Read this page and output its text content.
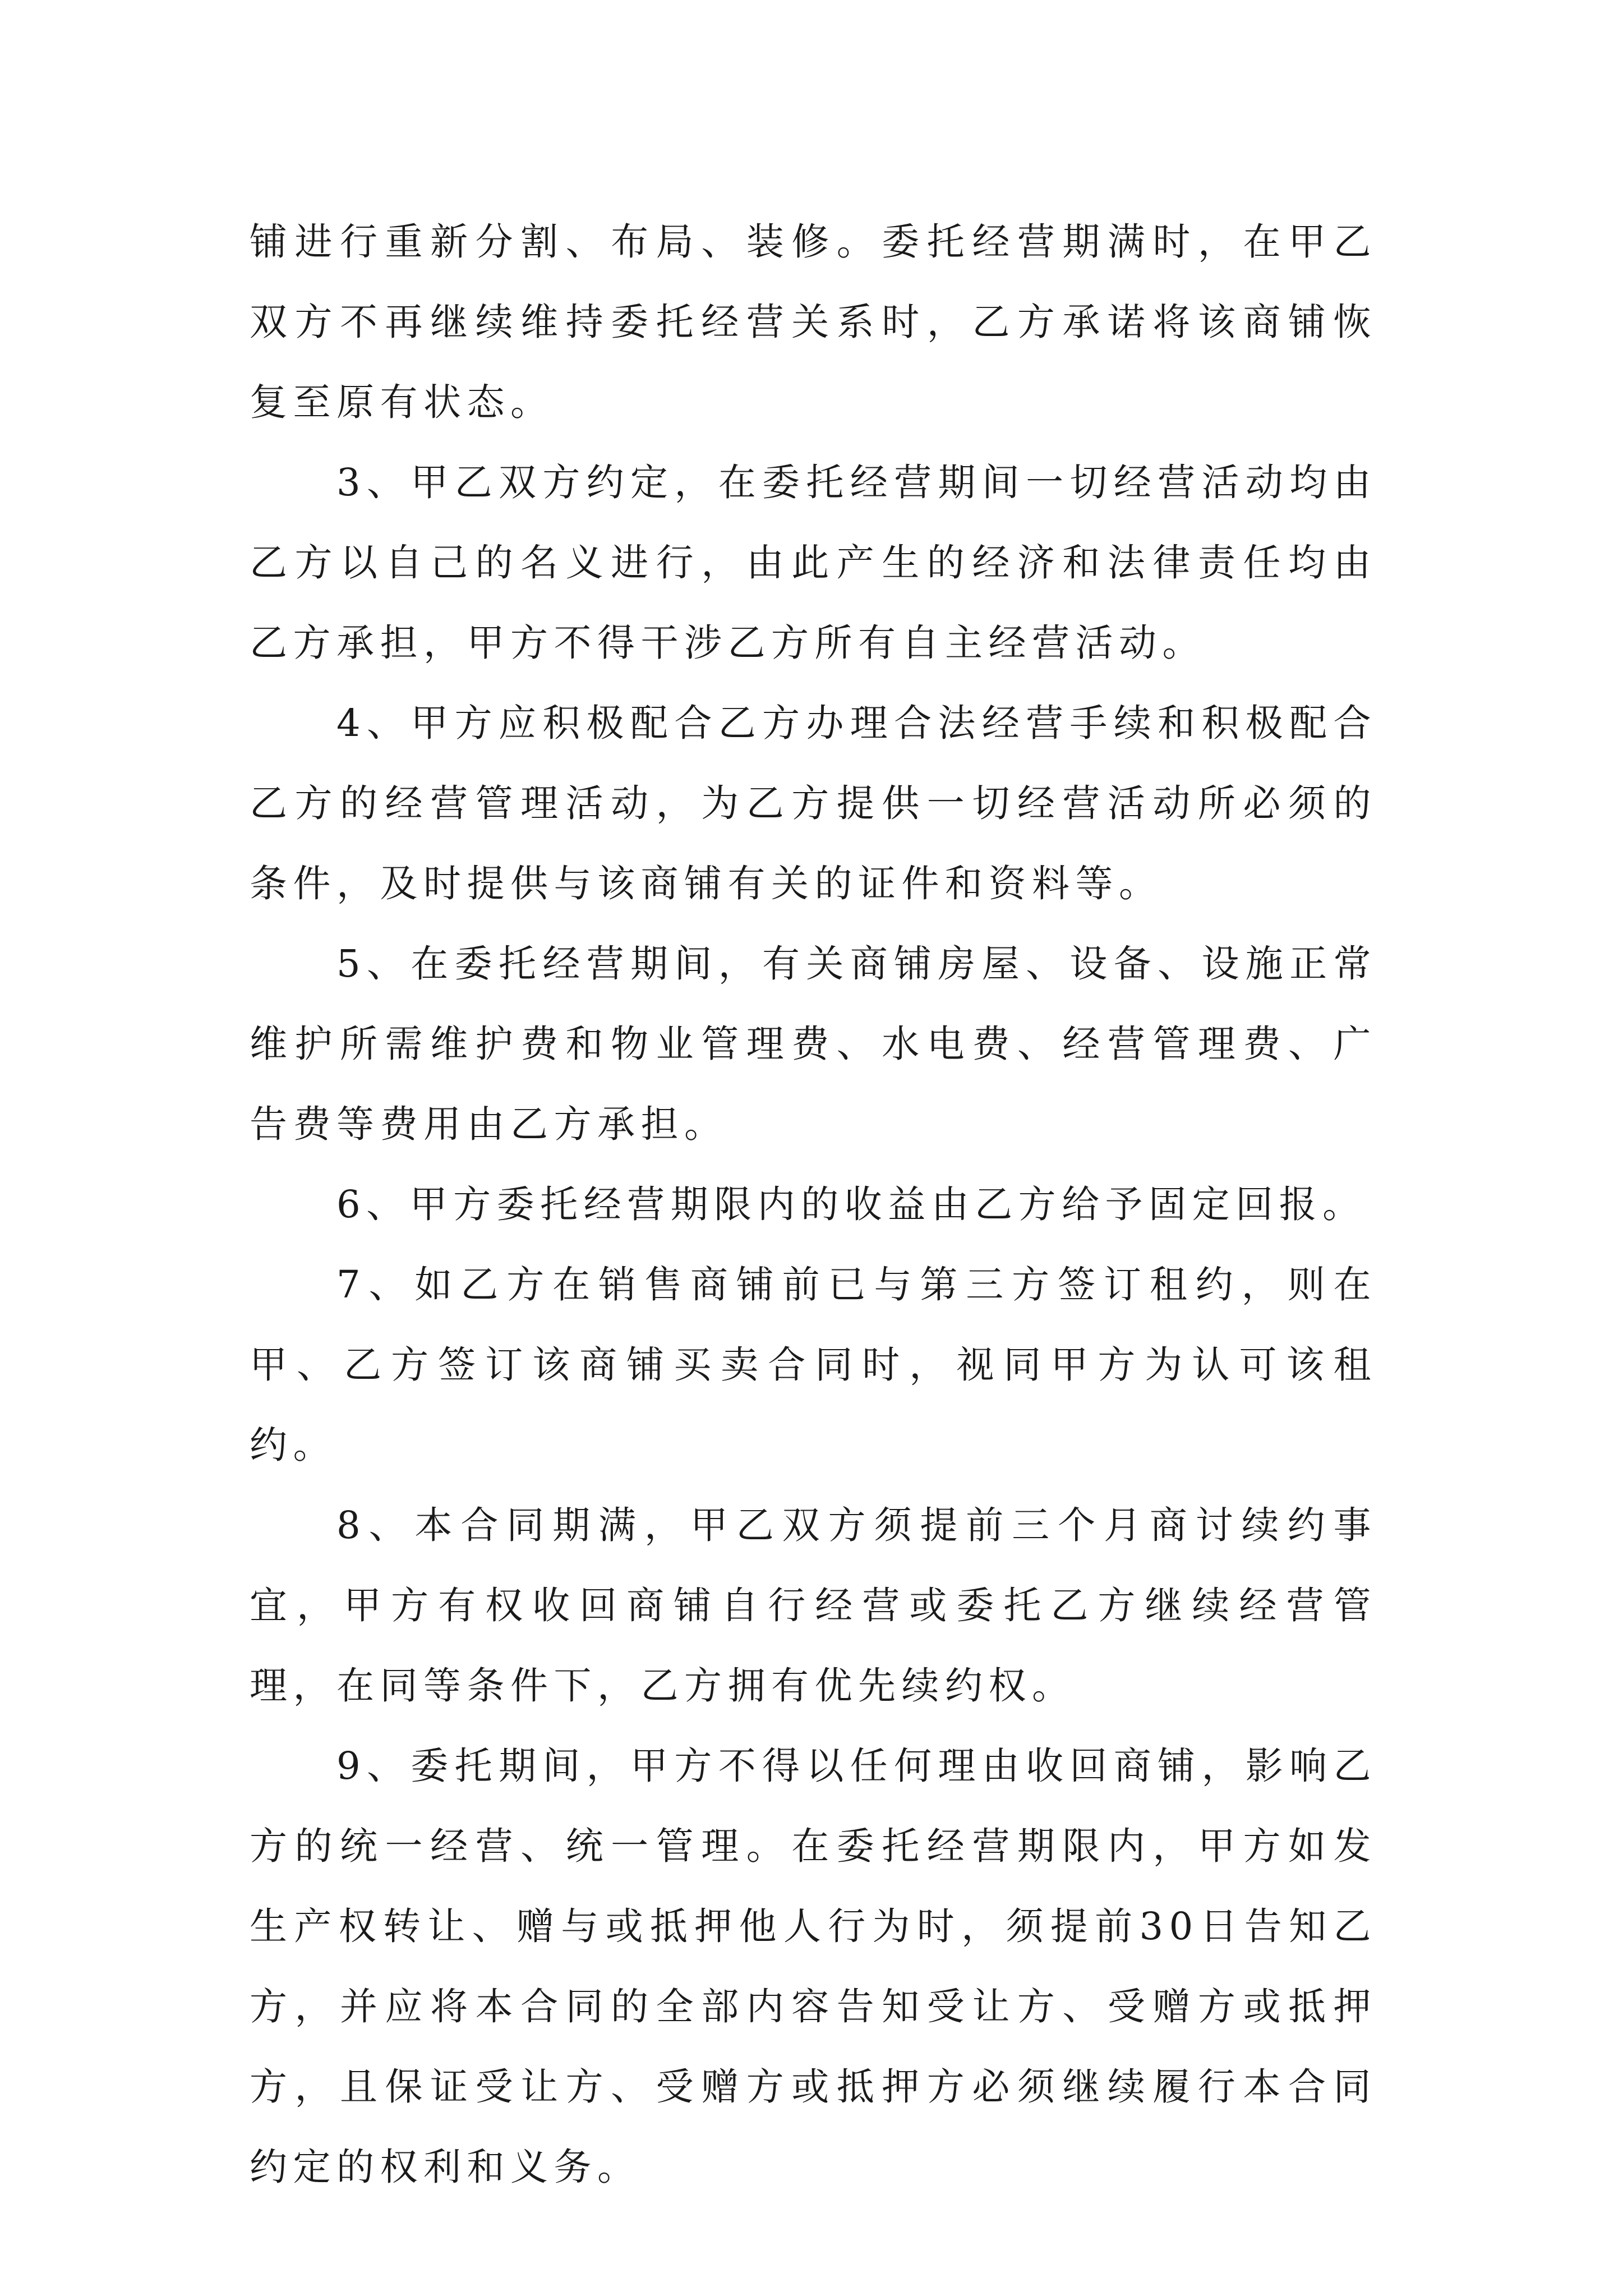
铺进行重新分割、布局、装修。委托经营期满时，在甲乙双方不再继续维持委托经营关系时，乙方承诺将该商铺恢复至原有状态。

3、甲乙双方约定，在委托经营期间一切经营活动均由乙方以自己的名义进行，由此产生的经济和法律责任均由乙方承担，甲方不得干涉乙方所有自主经营活动。

4、甲方应积极配合乙方办理合法经营手续和积极配合乙方的经营管理活动，为乙方提供一切经营活动所必须的条件，及时提供与该商铺有关的证件和资料等。

5、在委托经营期间，有关商铺房屋、设备、设施正常维护所需维护费和物业管理费、水电费、经营管理费、广告费等费用由乙方承担。

6、甲方委托经营期限内的收益由乙方给予固定回报。

7、如乙方在销售商铺前已与第三方签订租约，则在甲、乙方签订该商铺买卖合同时，视同甲方为认可该租约。

8、本合同期满，甲乙双方须提前三个月商讨续约事宜，甲方有权收回商铺自行经营或委托乙方继续经营管理，在同等条件下，乙方拥有优先续约权。

9、委托期间，甲方不得以任何理由收回商铺，影响乙方的统一经营、统一管理。在委托经营期限内，甲方如发生产权转让、赠与或抵押他人行为时，须提前30日告知乙方，并应将本合同的全部内容告知受让方、受赠方或抵押方，且保证受让方、受赠方或抵押方必须继续履行本合同约定的权利和义务。
